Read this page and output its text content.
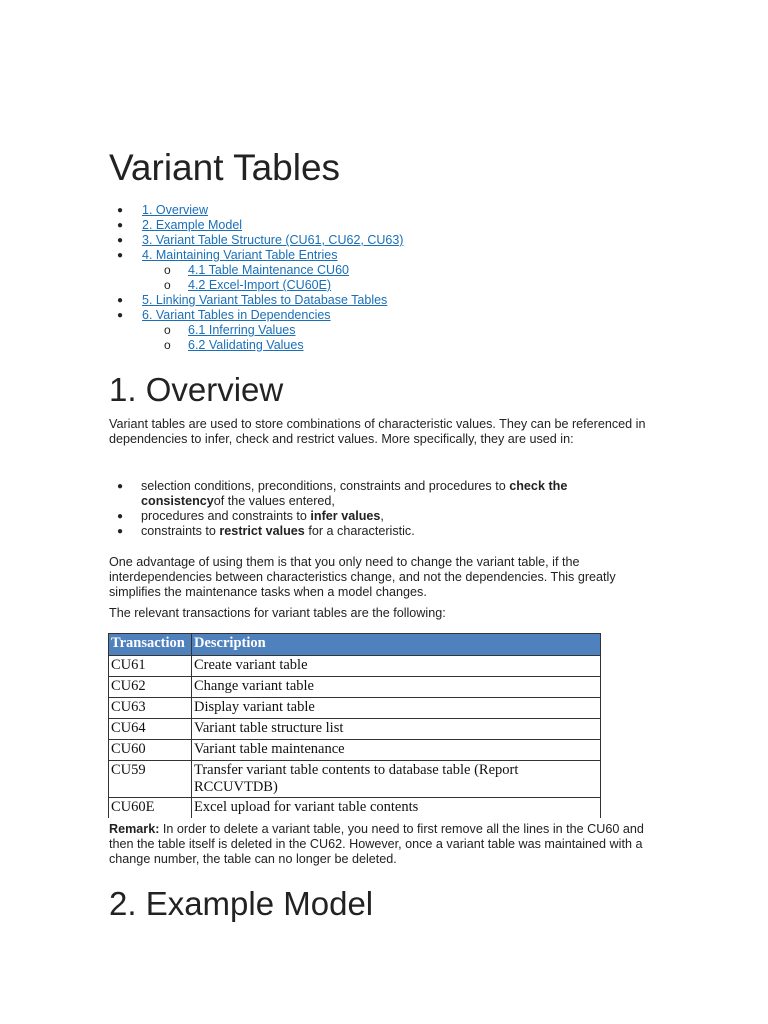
Variant Tables
● 1. Overview
● 2. Example Model
● 3. Variant Table Structure (CU61, CU62, CU63)
● 4. Maintaining Variant Table Entries
o 4.1 Table Maintenance CU60
o 4.2 Excel-Import (CU60E)
● 5. Linking Variant Tables to Database Tables
● 6. Variant Tables in Dependencies
o 6.1 Inferring Values
o 6.2 Validating Values
1. Overview

Variant tables are used to store combinations of characteristic values. They can be referenced in dependencies to infer, check and restrict values. More specifically, they are used in:

● selection conditions, preconditions, constraints and procedures to check the consistencyof the values entered,
● procedures and constraints to infer values,
● constraints to restrict values for a characteristic.

One advantage of using them is that you only need to change the variant table, if the interdependencies between characteristics change, and not the dependencies. This greatly simplifies the maintenance tasks when a model changes.

The relevant transactions for variant tables are the following:

Transaction	Description
CU61	Create variant table
CU62	Change variant table
CU63	Display variant table
CU64	Variant table structure list
CU60	Variant table maintenance
CU59	Transfer variant table contents to database table (Report RCCUVTDB)
CU60E	Excel upload for variant table contents

Remark: In order to delete a variant table, you need to first remove all the lines in the CU60 and then the table itself is deleted in the CU62. However, once a variant table was maintained with a change number, the table can no longer be deleted.

2. Example Model
